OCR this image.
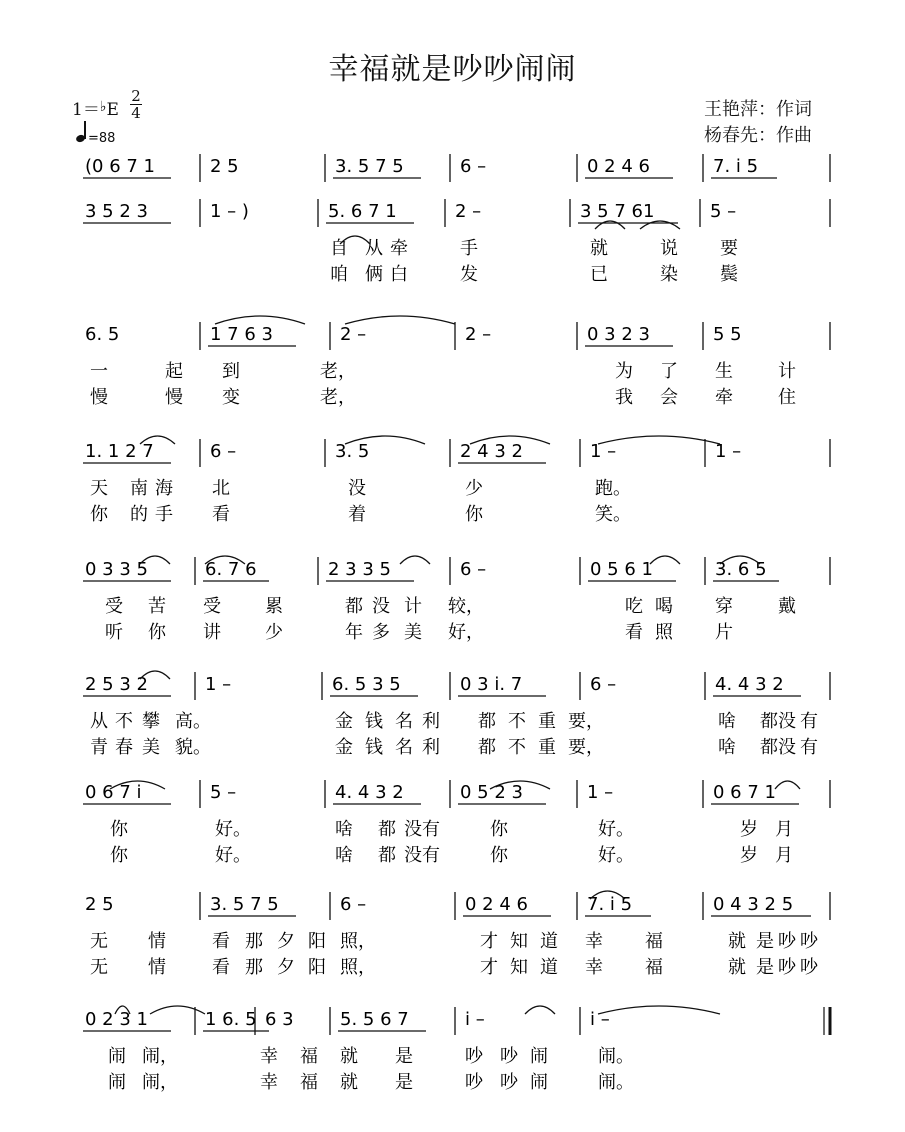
幸福就是吵吵闹闹
1＝♭E
2
4
=88
王艳萍：作词
杨春先：作曲
(0 6 7 1	2 5	3. 5 7 5	6 –	0 2 4 6	7. i 5
3 5 2 3	1 – )	5. 6 7 1	2 –	3 5 7 61	5 –
自 从 牵	手	就	说 要
咱 俩 白	发	已	染 鬓
6. 5	1 7 6 3	2 –	2 –	0 3 2 3	5 5
一	起 到	老，	为 了 生	计
慢	慢 变	老，	我 会 牵	住
1. 1 2 7	6 –	3. 5	2 4 3 2	1 –	1 –
天 南 海 北	没	少	跑。
你 的 手 看	着	你	笑。
0 3 3 5	6. 7 6	2 3 3 5	6 –	0 5 6 1	3. 6 5
受 苦 受 累	都 没 计 较，	吃 喝 穿	戴
听 你 讲 少	年 多 美 好，	看 照 片
2 5 3 2	1 –	6. 5 3 5	0 3 i. 7	6 –	4. 4 3 2
从 不 攀 高。	金 钱 名 利 都 不 重 要，	啥 都 没 有
青 春 美 貌。	金 钱 名 利 都 不 重 要，	啥 都 没 有
0 6 7 i	5 –	4. 4 3 2	0 5 2 3	1 –	0 6 7 1
你	好。	啥 都 没 有	你	好。	岁 月
你	好。	啥 都 没 有	你	好。	岁 月
2 5	3. 5 7 5	6 –	0 2 4 6	7. i 5	0 4 3 2 5
无 情	看 那 夕 阳 照，	才 知 道 幸 福	就 是 吵 吵
无 情	看 那 夕 阳 照，	才 知 道 幸 福	就 是 吵 吵
0 2 3 1	1 6. 5 6 3	5. 5 6 7	i –	i –
闹 闹，	幸 福 就 是	吵 吵 闹	闹。
闹 闹，	幸 福 就 是	吵 吵 闹	闹。
